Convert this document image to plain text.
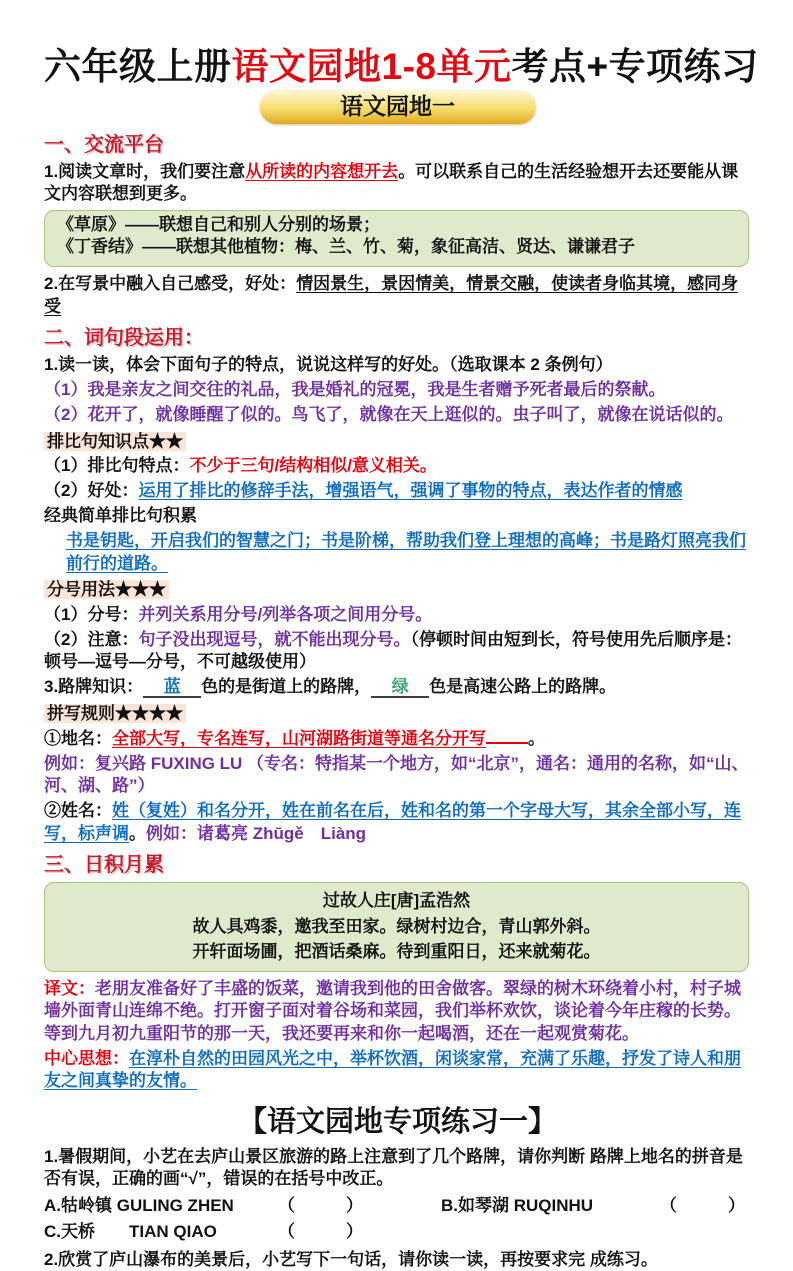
六年级上册语文园地1-8单元考点+专项练习
语文园地一
一、交流平台

1.阅读文章时，我们要注意从所读的内容想开去。可以联系自己的生活经验想开去还要能从课文内容联想到更多。

《草原》——联想自己和别人分别的场景；
《丁香结》——联想其他植物：梅、兰、竹、菊，象征高洁、贤达、谦谦君子

2.在写景中融入自己感受，好处：情因景生，景因情美，情景交融，使读者身临其境，感同身受

二、词句段运用：

1.读一读，体会下面句子的特点，说说这样写的好处。（选取课本 2 条例句）

（1）我是亲友之间交往的礼品，我是婚礼的冠冕，我是生者赠予死者最后的祭献。

（2）花开了，就像睡醒了似的。鸟飞了，就像在天上逛似的。虫子叫了，就像在说话似的。

排比句知识点★★

（1）排比句特点：不少于三句/结构相似/意义相关。

（2）好处：运用了排比的修辞手法，增强语气，强调了事物的特点，表达作者的情感

经典简单排比句积累

书是钥匙，开启我们的智慧之门；书是阶梯，帮助我们登上理想的高峰；书是路灯照亮我们前行的道路。

分号用法★★★

（1）分号：并列关系用分号/列举各项之间用分号。

（2）注意：句子没出现逗号，就不能出现分号。（停顿时间由短到长，符号使用先后顺序是：顿号—逗号—分号，不可越级使用）

3.路牌知识： 蓝 色的是街道上的路牌， 绿 色是高速公路上的路牌。

拼写规则★★★★

①地名：全部大写，专名连写，山河湖路街道等通名分开写 。

例如：复兴路 FUXING LU （专名：特指某一个地方，如“北京”，通名：通用的名称，如“山、河、湖、路”）

②姓名：姓（复姓）和名分开，姓在前名在后，姓和名的第一个字母大写，其余全部小写，连写，标声调。例如：诸葛亮 Zhūgě　Liàng

三、日积月累
过故人庄[唐]孟浩然
故人具鸡黍，邀我至田家。绿树村边合，青山郭外斜。
开轩面场圃，把酒话桑麻。待到重阳日，还来就菊花。

译文：老朋友准备好了丰盛的饭菜，邀请我到他的田舍做客。翠绿的树木环绕着小村，村子城墙外面青山连绵不绝。打开窗子面对着谷场和菜园，我们举杯欢饮，谈论着今年庄稼的长势。等到九月初九重阳节的那一天，我还要再来和你一起喝酒，还在一起观赏菊花。

中心思想：在淳朴自然的田园风光之中，举杯饮酒，闲谈家常，充满了乐趣，抒发了诗人和朋友之间真挚的友情。

【语文园地专项练习一】

1.暑假期间，小艺在去庐山景区旅游的路上注意到了几个路牌，请你判断 路牌上地名的拼音是否有误，正确的画“√”，错误的在括号中改正。

A.牯岭镇 GULING ZHEN	（　　　）	B.如琴湖 RUQINHU	（　　　）
C.天桥　　TIAN QIAO	（　　　）

2.欣赏了庐山瀑布的美景后，小艺写下一句话，请你读一读，再按要求完 成练习。
